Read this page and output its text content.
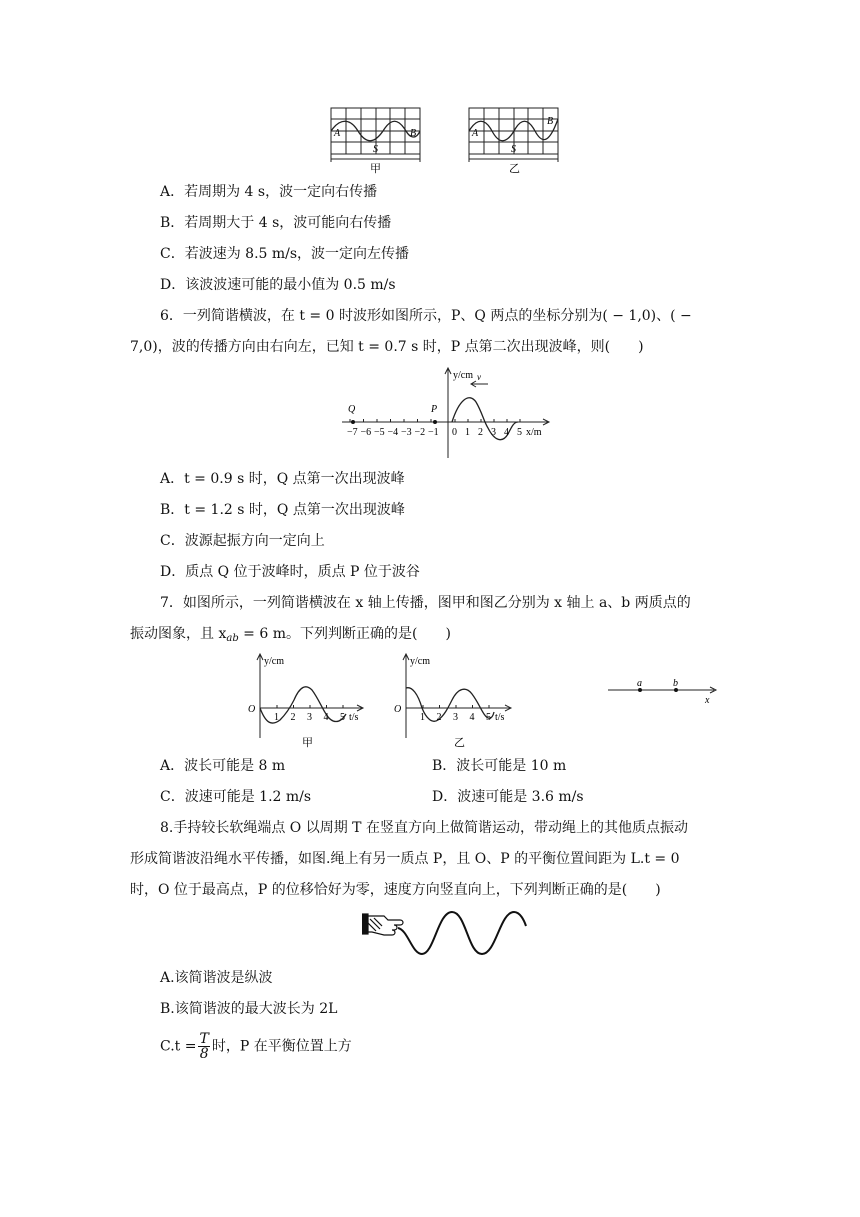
A	B
S
甲
A
B
S
乙
A．若周期为 4 s，波一定向右传播
B．若周期大于 4 s，波可能向右传播
C．若波速为 8.5 m/s，波一定向左传播
D．该波波速可能的最小值为 0.5 m/s
6．一列简谐横波，在 t = 0 时波形如图所示，P、Q 两点的坐标分别为( − 1,0)、( −
7,0)，波的传播方向由右向左，已知 t = 0.7 s 时，P 点第二次出现波峰，则(　　)
y/cm v
Q	P
x/m
−7 −6 −5 −4 −3 −2 −1 0 1 2 3 4 5
A．t = 0.9 s 时，Q 点第一次出现波峰
B．t = 1.2 s 时，Q 点第一次出现波峰
C．波源起振方向一定向上
D．质点 Q 位于波峰时，质点 P 位于波谷
7．如图所示，一列简谐横波在 x 轴上传播，图甲和图乙分别为 x 轴上 a、b 两质点的
振动图象，且 $x_{ab} = 6$ m。下列判断正确的是(　　)
y/cm
O
t/s
甲
1 2 3 4 5
y/cm
O
t/s
乙
1 2 3 4 5
a	b
x
A．波长可能是 8 m	B．波长可能是 10 m
C．波速可能是 1.2 m/s	D．波速可能是 3.6 m/s
8.手持较长软绳端点 O 以周期 T 在竖直方向上做简谐运动，带动绳上的其他质点振动
形成简谐波沿绳水平传播，如图.绳上有另一质点 P，且 O、P 的平衡位置间距为 L.t = 0
时，O 位于最高点，P 的位移恰好为零，速度方向竖直向上，下列判断正确的是(　　)
A.该简谐波是纵波
B.该简谐波的最大波长为 2L
$C.t = \frac{T}{8}$ 时，P 在平衡位置上方
